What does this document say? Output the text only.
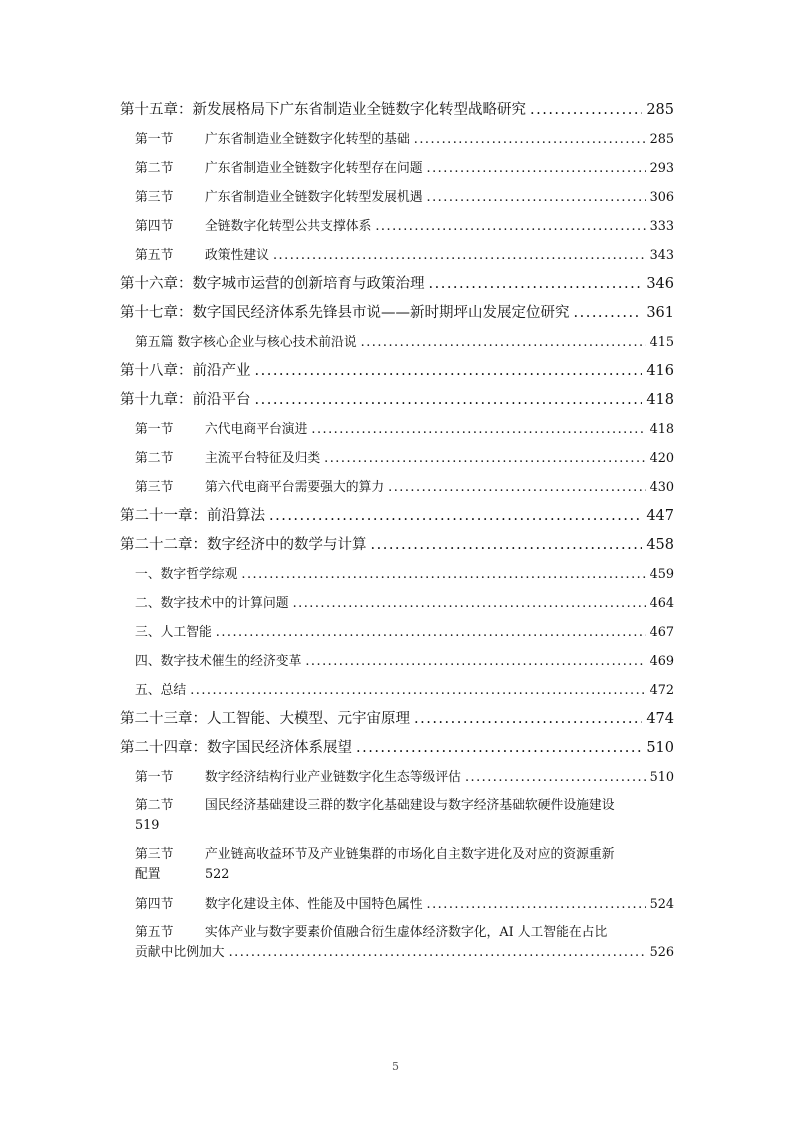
第十五章：新发展格局下广东省制造业全链数字化转型战略研究 .....	285
第一节	广东省制造业全链数字化转型的基础 .....	285
第二节	广东省制造业全链数字化转型存在问题 .....	293
第三节	广东省制造业全链数字化转型发展机遇 .....	306
第四节	全链数字化转型公共支撑体系 .....	333
第五节	政策性建议 .....	343
第十六章：数字城市运营的创新培育与政策治理 .....	346
第十七章：数字国民经济体系先锋县市说——新时期坪山发展定位研究 .....	361
第五篇 数字核心企业与核心技术前沿说 .....	415
第十八章：前沿产业 .....	416
第十九章：前沿平台 .....	418
第一节	六代电商平台演进 .....	418
第二节	主流平台特征及归类 .....	420
第三节	第六代电商平台需要强大的算力 .....	430
第二十一章：前沿算法 .....	447
第二十二章：数字经济中的数学与计算 .....	458
一、数字哲学综观 .....	459
二、数字技术中的计算问题 .....	464
三、人工智能 .....	467
四、数字技术催生的经济变革 .....	469
五、总结 .....	472
第二十三章：人工智能、大模型、元宇宙原理 .....	474
第二十四章：数字国民经济体系展望 .....	510
第一节	数字经济结构行业产业链数字化生态等级评估 .....	510
第二节	国民经济基础建设三群的数字化基础建设与数字经济基础软硬件设施建设
519
第三节	产业链高收益环节及产业链集群的市场化自主数字进化及对应的资源重新
配置	522
第四节	数字化建设主体、性能及中国特色属性 .....	524
第五节	实体产业与数字要素价值融合衍生虚体经济数字化，AI 人工智能在占比
贡献中比例加大 .....	526
5
